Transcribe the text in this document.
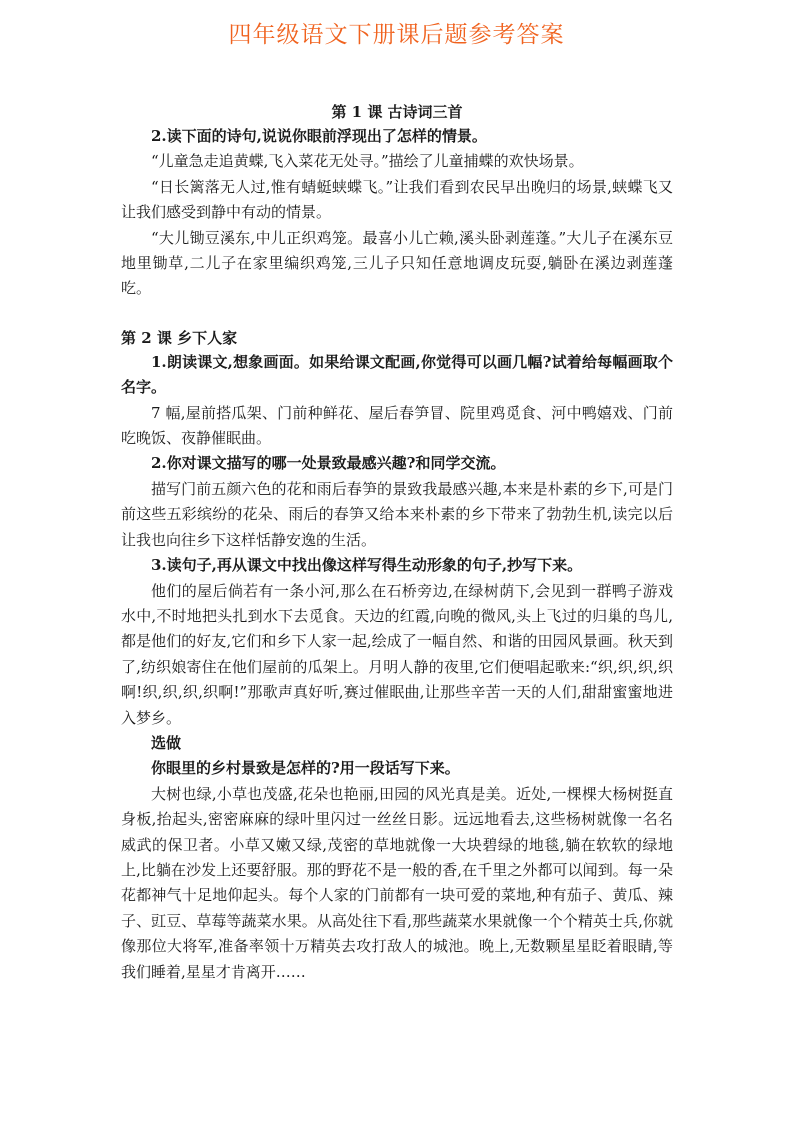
四年级语文下册课后题参考答案
第 1 课 古诗词三首

2.读下面的诗句,说说你眼前浮现出了怎样的情景。

“儿童急走追黄蝶,飞入菜花无处寻。”描绘了儿童捕蝶的欢快场景。

“日长篱落无人过,惟有蜻蜓蛱蝶飞。”让我们看到农民早出晚归的场景,蛱蝶飞又让我们感受到静中有动的情景。

“大儿锄豆溪东,中儿正织鸡笼。最喜小儿亡赖,溪头卧剥莲蓬。”大儿子在溪东豆地里锄草,二儿子在家里编织鸡笼,三儿子只知任意地调皮玩耍,躺卧在溪边剥莲蓬吃。

第 2 课 乡下人家

1.朗读课文,想象画面。如果给课文配画,你觉得可以画几幅?试着给每幅画取个名字。

7 幅,屋前搭瓜架、门前种鲜花、屋后春笋冒、院里鸡觅食、河中鸭嬉戏、门前吃晚饭、夜静催眠曲。

2.你对课文描写的哪一处景致最感兴趣?和同学交流。

描写门前五颜六色的花和雨后春笋的景致我最感兴趣,本来是朴素的乡下,可是门前这些五彩缤纷的花朵、雨后的春笋又给本来朴素的乡下带来了勃勃生机,读完以后让我也向往乡下这样恬静安逸的生活。

3.读句子,再从课文中找出像这样写得生动形象的句子,抄写下来。

他们的屋后倘若有一条小河,那么在石桥旁边,在绿树荫下,会见到一群鸭子游戏水中,不时地把头扎到水下去觅食。天边的红霞,向晚的微风,头上飞过的归巢的鸟儿,都是他们的好友,它们和乡下人家一起,绘成了一幅自然、和谐的田园风景画。秋天到了,纺织娘寄住在他们屋前的瓜架上。月明人静的夜里,它们便唱起歌来:“织,织,织,织啊!织,织,织,织啊!”那歌声真好听,赛过催眠曲,让那些辛苦一天的人们,甜甜蜜蜜地进入梦乡。

选做

你眼里的乡村景致是怎样的?用一段话写下来。

大树也绿,小草也茂盛,花朵也艳丽,田园的风光真是美。近处,一棵棵大杨树挺直身板,抬起头,密密麻麻的绿叶里闪过一丝丝日影。远远地看去,这些杨树就像一名名威武的保卫者。小草又嫩又绿,茂密的草地就像一大块碧绿的地毯,躺在软软的绿地上,比躺在沙发上还要舒服。那的野花不是一般的香,在千里之外都可以闻到。每一朵花都神气十足地仰起头。每个人家的门前都有一块可爱的菜地,种有茄子、黄瓜、辣子、豇豆、草莓等蔬菜水果。从高处往下看,那些蔬菜水果就像一个个精英士兵,你就像那位大将军,准备率领十万精英去攻打敌人的城池。晚上,无数颗星星眨着眼睛,等我们睡着,星星才肯离开……
